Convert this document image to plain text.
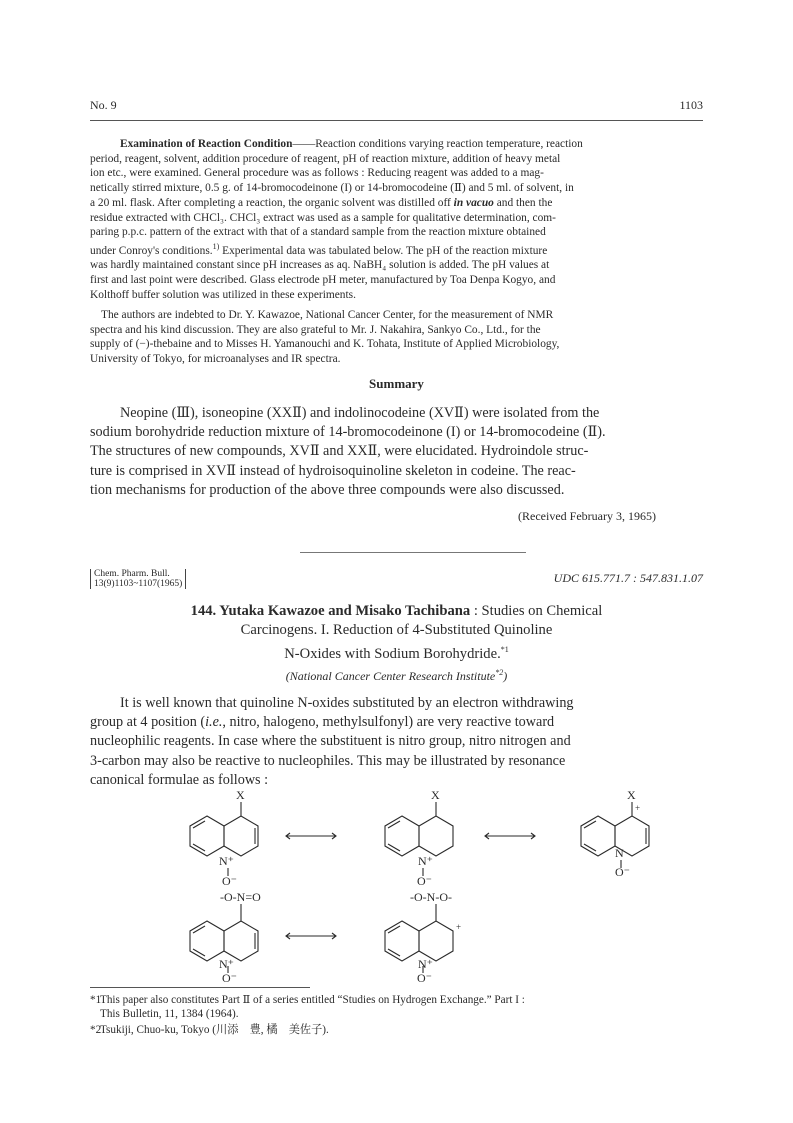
No. 9	1103
Examination of Reaction Condition——Reaction conditions varying reaction temperature, reaction
period, reagent, solvent, addition procedure of reagent, pH of reaction mixture, addition of heavy metal
ion etc., were examined. General procedure was as follows : Reducing reagent was added to a mag-
netically stirred mixture, 0.5 g. of 14-bromocodeinone (I) or 14-bromocodeine (Ⅱ) and 5 ml. of solvent, in
a 20 ml. flask. After completing a reaction, the organic solvent was distilled off in vacuo and then the
residue extracted with CHCl₃. CHCl₃ extract was used as a sample for qualitative determination, com-
paring p.p.c. pattern of the extract with that of a standard sample from the reaction mixture obtained
under Conroy's conditions.$^{1)}$ Experimental data was tabulated below. The pH of the reaction mixture
was hardly maintained constant since pH increases as aq. NaBH₄ solution is added. The pH values at
first and last point were described. Glass electrode pH meter, manufactured by Toa Denpa Kogyo, and
Kolthoff buffer solution was utilized in these experiments.
The authors are indebted to Dr. Y. Kawazoe, National Cancer Center, for the measurement of NMR
spectra and his kind discussion. They are also grateful to Mr. J. Nakahira, Sankyo Co., Ltd., for the
supply of (−)-thebaine and to Misses H. Yamanouchi and K. Tohata, Institute of Applied Microbiology,
University of Tokyo, for microanalyses and IR spectra.
Summary
Neopine (Ⅲ), isoneopine (XXⅡ) and indolinocodeine (XVⅡ) were isolated from the
sodium borohydride reduction mixture of 14-bromocodeinone (I) or 14-bromocodeine (Ⅱ).
The structures of new compounds, XVⅡ and XXⅡ, were elucidated. Hydroindole struc-
ture is comprised in XVⅡ instead of hydroisoquinoline skeleton in codeine. The reac-
tion mechanisms for production of the above three compounds were also discussed.
(Received February 3, 1965)
Chem. Pharm. Bull.
13(9)1103~1107(1965)	UDC 615.771.7 : 547.831.1.07
144. Yutaka Kawazoe and Misako Tachibana : Studies on Chemical
Carcinogens. I. Reduction of 4-Substituted Quinoline
N-Oxides with Sodium Borohydride.$^{*1}$
(National Cancer Center Research Institute$^{*2}$)
It is well known that quinoline N-oxides substituted by an electron withdrawing
group at 4 position (i.e., nitro, halogeno, methylsulfonyl) are very reactive toward
nucleophilic reagents. In case where the substituent is nitro group, nitro nitrogen and
3-carbon may also be reactive to nucleophiles. This may be illustrated by resonance
canonical formulae as follows :
X
N⁺
O⁻
X
N⁺
O⁻
X
+
N
O⁻
-O-N=O
N⁺
O⁻
-O-N-O-
+
N⁺
O⁻
*1
This paper also constitutes Part Ⅱ of a series entitled “Studies on Hydrogen Exchange.” Part I :
This Bulletin, 11, 1384 (1964).
*2
Tsukiji, Chuo-ku, Tokyo (川添　豊, 橘　美佐子).
